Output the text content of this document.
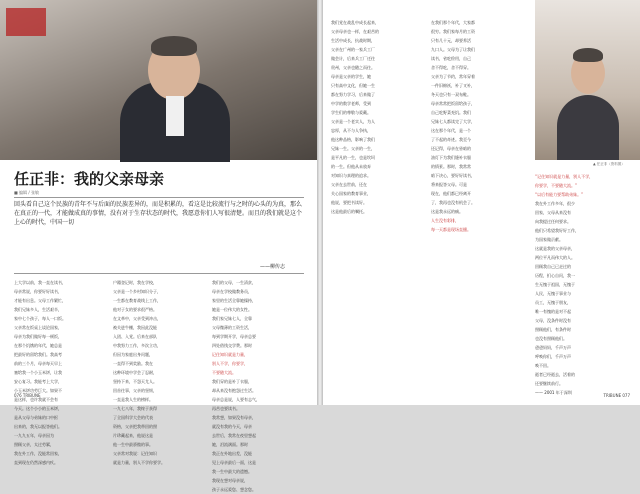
任正非：我的父亲母亲
■ 编辑 / 张敏
回头看自己这个民族的青年不与后面的民族差异的，而是积累的，看这是比较流行与之时的心头的为真，那么在真正的一代，才能做成真的事情，没有对于生存状态的时代，我愿意你们人写很清楚。而且的我们就是这个上心的时代，中国一切
——柳传志
上大学以前，我一直在读书，
母亲常说，你要好好读书，
才能有出息。父母工作繁忙，
我们兄妹多人，生活艰辛，
家中七个孩子，每人一口饭。
父亲常在饭桌上谈论国家，
母亲为我们做好每一顿饭，
在那个饥饿的年代，她总是
把最好的留给我们。我高考
前的三个月，母亲每天早上
塞给我一个小玉米饼，让我
安心复习。我能考上大学，
小玉米饼功劳巨大。如果不
是这样，也许我就不会有
今天。这个小小的玉米饼，
是从父母与弟妹的口中抠
出来的，我无以报答他们。
一九九五年，母亲因为
照顾父亲，太过劳累，
我在外工作，没能常回家，
直到现在仍然深感内疚。
户籍登记时，我在学校，
父亲是一个乡村知识分子，
一生都在教育战线上工作，
他对子女的要求很严格。
在文革中，父亲受到冲击，
被关进牛棚，我因此没能
入团、入党。后来在部队
中我努力工作，多次立功，
但因为家庭出身问题，
一直得不到奖励。我在
这种环境中学会了忍耐，
坚持下来，不怨天尤人。
回首往事，父亲的坚韧，
一直是我人生的榜样。
一九七八年，我终于获得
了全国科学大会的代表
资格，父亲把我带回的照
片珍藏起来，他说这是
他一生中最骄傲的事。
父亲常对我说：记住知识
就是力量，别人不学你要学。
我们的父母，一生清贫，
母亲在学校做教务员，
家里的生活全靠她操持，
她是一位伟大的女性。
我们家兄妹七人，全靠
父母微薄的工资生活，
每到学期开学，母亲总要
四处借钱交学费。那时
记住知识就是力量，
别人不学，你要学，
不要随大流。
我们穿的是补丁衣服，
却从来没有抱怨过生活。
母亲总是说，人要有志气，
再苦也要读书。
我常想，如果没有母亲，
就没有我的今天，母亲
去世后，我常在夜里想起
她，泪流满面。那时
我正在外地出差，没能
见上母亲最后一面，这是
我一生中最大的遗憾。
我现在想对母亲说，
孩子永远爱您、想念您。
076 TRIBUNE
我们党在战乱中成长起来，
父亲母亲也一样，在艰苦的
生活中成长，抗战时期，
父亲在广州的一家兵工厂
做会计，后来兵工厂迁往
贵州，父亲也随之而往。
母亲是父亲的学生，她
只有高中文化，但她一生
都在努力学习，后来做了
中学的数学老师，受到
学生们的尊敬与爱戴。
父亲是一个老实人，为人
忠厚，从不与人争执，
他这种品格，影响了我们
兄妹一生。父亲的一生，
是平凡的一生，也是坎坷
的一生。但他从未放弃
对知识与真理的追求。
父亲在去世前，还在
关心国家的教育事业，
他说，要把书读好。
这是他最后的嘱托。
在我们那个年代，大家都
很穷。我们家每月的工资
只有几十元，却要养活
九口人。父母为了让我们
读书，省吃俭用，自己
舍不得吃，舍不得穿。
父亲为了节约，常年穿着
一件旧棉袄，补了又补，
冬天也只有一双布鞋。
母亲常常把饭留给孩子，
自己吃野菜充饥。我们
兄妹七人都读完了大学，
这在那个年代，是一个
了不起的奇迹。我至今
还记得，母亲在昏暗的
油灯下为我们缝补衣服
的情景。那时，我常常
暗下决心，要好好读书，
将来报答父母。可是
现在，他们都已经离开
了，我再也没有机会了。
这是我永远的痛。
人生没有彩排，
每一天都是现场直播。
▲ 任正非（资料图）
“记住知识就是力量，别人不学，
你要学，不要随大流。”
“以后有能力要帮助弟妹。”
我在外工作多年，很少
回家，父母从来没有
向我提过任何要求。
他们只希望我好好工作，
为国家做贡献。
这就是我的父亲母亲，
两位平凡而伟大的人。
回顾我自己已走过的
历程，扪心自问，我一
生无愧于祖国，无愧于
人民，无愧于事业与
员工，无愧于朋友，
唯一有愧的是对不起
父母，没条件时没有
照顾他们，有条件时
也没有照顾他们。
爸爸妈妈，千声万声
呼唤你们，千声万声
唤不回。
逝者已经逝去，活着的
还要继续前行。
—— 2001 年于深圳
TRIBUNE 077
